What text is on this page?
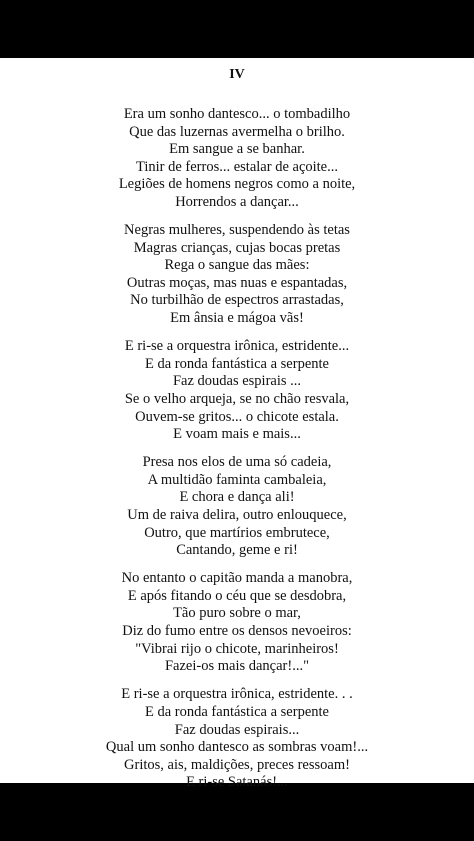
IV
Era um sonho dantesco... o tombadilho
Que das luzernas avermelha o brilho.
Em sangue a se banhar.
Tinir de ferros... estalar de açoite...
Legiões de homens negros como a noite,
Horrendos a dançar...
Negras mulheres, suspendendo às tetas
Magras crianças, cujas bocas pretas
Rega o sangue das mães:
Outras moças, mas nuas e espantadas,
No turbilhão de espectros arrastadas,
Em ânsia e mágoa vãs!
E ri-se a orquestra irônica, estridente...
E da ronda fantástica a serpente
Faz doudas espirais ...
Se o velho arqueja, se no chão resvala,
Ouvem-se gritos... o chicote estala.
E voam mais e mais...
Presa nos elos de uma só cadeia,
A multidão faminta cambaleia,
E chora e dança ali!
Um de raiva delira, outro enlouquece,
Outro, que martírios embrutece,
Cantando, geme e ri!
No entanto o capitão manda a manobra,
E após fitando o céu que se desdobra,
Tão puro sobre o mar,
Diz do fumo entre os densos nevoeiros:
"Vibrai rijo o chicote, marinheiros!
Fazei-os mais dançar!..."
E ri-se a orquestra irônica, estridente. . .
E da ronda fantástica a serpente
Faz doudas espirais...
Qual um sonho dantesco as sombras voam!...
Gritos, ais, maldições, preces ressoam!
E ri-se Satanás!...
